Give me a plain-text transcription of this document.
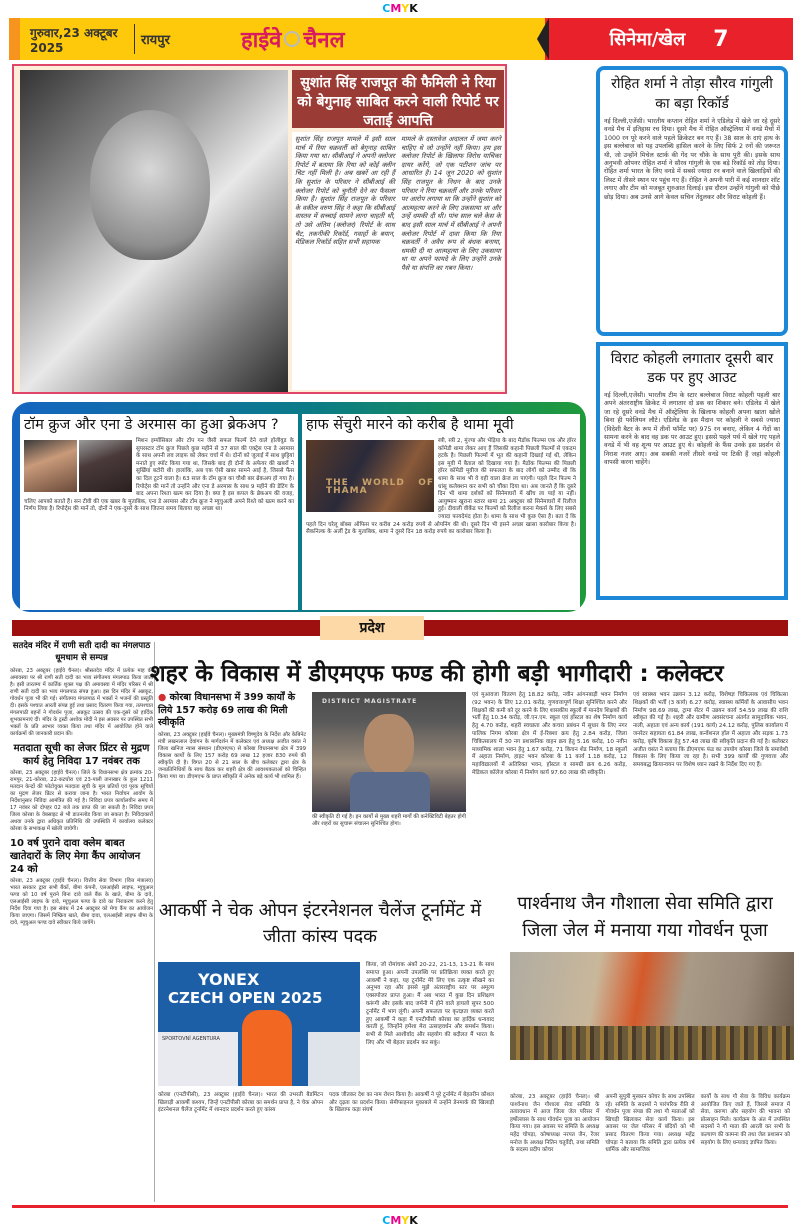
CMYK
गुरुवार,23 अक्टूबर 2025	रायपुर	हाईवे चैनल	सिनेमा/खेल 7
सुशांत सिंह राजपूत की फैमिली ने रिया को बेगुनाह साबित करने वाली रिपोर्ट पर जताई आपत्ति
सुशांत सिंह राजपूत मामले में इसी साल मार्च में रिया चक्रवर्ती को बेगुनाह साबित किया गया था। सीबीआई ने अपनी क्लोजर रिपोर्ट में बताया कि रिया को कोई क्लीन चिट नहीं मिली है। अब खबरें आ रही हैं कि सुशांत के परिवार ने सीबीआई की क्लोजर रिपोर्ट को चुनौती देने का फैसला किया है। सुशांत सिंह राजपूत के परिवार के वकील वरुण सिंह ने कहा कि सीबीआई वास्तव में सच्चाई सामने लाना चाहती थी, तो उसे अंतिम (क्लोजर) रिपोर्ट के साथ चैट, तकनीकी रिकॉर्ड, गवाहों के बयान, मेडिकल रिकॉर्ड सहित सभी सहायक
मामले के दस्तावेज अदालत में जमा करने चाहिए थे जो उन्होंने नहीं किया। हम इस क्लोजर रिपोर्ट के खिलाफ विरोध याचिका दायर करेंगे, जो एक पटीशन जांच पर आधारित है। 14 जून 2020 को सुशांत सिंह राजपूत के निधन के बाद उनके परिवार ने रिया चक्रवर्ती और उनके परिवार पर आरोप लगाया था कि उन्होंने सुशांत को आत्महत्या करने के लिए उकसाया था और उन्हें धमकी दी थी। पांच साल चले केस के बाद इसी साल मार्च में सीबीआई ने अपनी क्लोजर रिपोर्ट में दावा किया कि रिया चक्रवर्ती ने अवैध रूप से बंधक बनाया, धमकी दी या आत्महत्या के लिए उकसाया था या अपने फायदे के लिए उन्होंने उनके पैसे या संपत्ति का गबन किया।
रोहित शर्मा ने तोड़ा सौरव गांगुली का बड़ा रिकॉर्ड
नई दिल्ली,एजेंसी। भारतीय कप्तान रोहित शर्मा ने एडिलेड में खेले जा रहे दूसरे वनडे मैच में इतिहास रच दिया। दूसरे मैच में रोहित ऑस्ट्रेलिया में वनडे मैचों में 1000 रन पूरे करने वाले पहले क्रिकेटर बन गए हैं। 38 साल के दाएं हाथ के इस बल्लेबाज को यह उपलब्धि हासिल करने के लिए सिर्फ 2 रनों की जरूरत थी, जो उन्होंने मिचेल स्टार्क की गेंद पर चौके के साथ पूरी की। इसके साथ अनुभवी ओपनर रोहित शर्मा ने सौरव गांगुली के एक बड़े रिकॉर्ड को तोड़ दिया। रोहित शर्मा भारत के लिए वनडे में सबसे ज्यादा रन बनाने वाले खिलाड़ियों की लिस्ट में तीसरे स्थान पर पहुंच गए हैं। रोहित ने अपनी पारी में कई शानदार शॉट लगाए और टीम को मजबूत शुरुआत दिलाई। इस दौरान उन्होंने गांगुली को पीछे छोड़ दिया। अब उनसे आगे केवल सचिन तेंदुलकर और विराट कोहली हैं।
विराट कोहली लगातार दूसरी बार डक पर हुए आउट
नई दिल्ली,एजेंसी। भारतीय टीम के स्टार बल्लेबाज विराट कोहली पहली बार अपने अंतरराष्ट्रीय क्रिकेट में लगातार दो डक का शिकार बने। एडिलेड में खेले जा रहे दूसरे वनडे मैच में ऑस्ट्रेलिया के खिलाफ कोहली अपना खाता खोले बिना ही पवेलियन लौटे। एडिलेड के इस मैदान पर कोहली ने सबसे ज्यादा (विदेशी बैटर के रूप में तीनों फॉर्मेट पर) 975 रन बनाए, लेकिन 4 गेंदों का सामना करने के बाद वह डक पर आउट हुए। इससे पहले पर्थ में खेले गए पहले वनडे में भी वह शून्य पर आउट हुए थे। कोहली के फैंस उनके इस प्रदर्शन से निराश नजर आए। अब सबकी नजरें तीसरे वनडे पर टिकी हैं जहां कोहली वापसी करना चाहेंगे।
टॉम क्रुज और एना डे अरमास का हुआ ब्रेकअप ?
मिशन इम्पॉसिबल और टॉप गन जैसी सफल फिल्में देने वाले हॉलीवुड के सुपरस्टार टॉम क्रूज पिछले कुछ महीने से 37 साल की एक्ट्रेस एना डे अरमास के साथ अपनी लव लाइफ को लेकर चर्चा में थे। दोनों को जुलाई में साथ छुट्टियां मनाते हुए स्पॉट किया गया था, जिसके बाद ही दोनों के अफेयर की खबरों ने सुर्खियां बटोरी थी। हालांकि, अब एक ऐसी खबर सामने आई है, जिससे फैंस का दिल टूटने वाला है। 63 साल के टॉम क्रूज का चौथी बार ब्रेकअप हो गया है। रिपोर्ट्स की मानें तो उन्होंने और एना डे अरमास के साथ 9 महीने की डेटिंग के बाद अपना रिश्ता खत्म कर दिया है। क्या है इस कपल के ब्रेकअप की वजह, चलिए आपको बताते हैं। सन टीवी की एक खबर के मुताबिक, एना डे अरमास और टॉम क्रूज ने म्यूचुअली अपने रिश्ते को खत्म करने का निर्णय लिया है। रिपोर्ट्स की मानें तो, दोनों ने एक-दूसरे के साथ जितना समय बिताया वह अच्छा था।
हाफ सेंचुरी मारने को करीब है थामा मूवी
THE WORLD OF THAMA
स्त्री, स्त्री 2, मुंज्या और भेड़िया के बाद मैडॉक फिल्म्स एक और हॉरर कॉमेडी थामा लेकर आए हैं जिसकी कहानी पिछली फिल्मों से एकदम हटके है। पिछली फिल्मों में भूत की कहानी दिखाई गई थी, लेकिन इस मूवी में बैताल को दिखाया गया है। मैडॉक फिल्म्स की पिछली हॉरर कॉमेडी मूवीज की सफलता के बाद लोगों को उम्मीद थी कि थामा के साथ भी वे वही वाला क्रेज ला पाएंगी। पहले दिन फिल्म ने धांसू कलेक्शन कर सभी को चौंका दिया था। अब जानते हैं कि दूसरे दिन भी थामा दर्शकों को सिनेमाघरों में खींच ला पाई या नहीं। आयुष्मान खुराना स्टारर थामा 21 अक्टूबर को सिनेमाघरों में रिलीज हुई। दीवाली वीकेंड पर फिल्मों को रिलीज करना मेकर्स के लिए सबसे ज्यादा फायदेमंद होता है। थामा के साथ भी कुछ ऐसा है। बता दें कि पहले दिन घरेलू बॉक्स ऑफिस पर करीब 24 करोड़ रुपये से ओपनिंग की थी। दूसरे दिन भी इसने अच्छा खासा कारोबार किया है। सैकनिल्क के अर्ली ट्रेड के मुताबिक, थामा ने दूसरे दिन 18 करोड़ रुपये का कारोबार किया है।
प्रदेश
सतदेव मंदिर में राणी सती दादी का मंगलपाठ धूमधाम से सम्पन्न
कोरबा, 23 अक्टूबर (हाईवे चैनल)। श्रीसतदेव मंदिर में प्रत्येक माह की अमावस्या पर श्री राणी सती दादी का भव्य संगीतमय मंगलपाठ किया जाता है। इसी तारतम्य में कार्तिक शुक्ल पक्ष की अमावस्या में मंदिर परिसर में श्री राणी सती दादी का भव्य मंगलपाठ संपन्न हुआ। इस दिन मंदिर में अन्नकूट, गोवर्धन पूजा भी की गई। संगीतमय मंगलपाठ में भक्तों ने भजनों की प्रस्तुति दी। इसके पश्चात आरती संपन्न हुई तथा प्रसाद वितरण किया गया, तत्पश्चात मंगलपाठी बहनों ने गोवर्धन पूजा, अन्नकूट उत्सव की एक-दूसरे को हार्दिक शुभकामनाएं दीं। मंदिर के ट्रस्टी अशोक मोदी ने इस अवसर पर उपस्थित सभी भक्तों के प्रति आभार व्यक्त किया तथा मंदिर में आयोजित होने वाले कार्यक्रमों की जानकारी प्रदान की।
मतदाता सूची का लेजर प्रिंटर से मुद्रण कार्य हेतु निविदा 17 नवंबर तक
कोरबा, 23 अक्टूबर (हाईवे चैनल)। जिले के विधानसभा क्षेत्र क्रमांक 20-रामपुर, 21-कोरबा, 22-कटघोरा एवं 23-पाली तानाखार के कुल 1211 मतदान केन्द्रों की फोटोयुक्त मतदाता सूची के मूल प्रतियों एवं पूरक सूचियों का मुद्रण लेजर प्रिंटर से कराया जाना है। भारत निर्वाचन आयोग के निर्देशानुसार निविदा आमंत्रित की गई है। निविदा प्रपत्र कार्यालयीन समय में 17 नवंबर को दोपहर 02 बजे तक प्राप्त की जा सकती है। निविदा प्रपत्र जिला कोरबा के वेबसाइट से भी डाउनलोड किया जा सकता है। निविदाकारों अथवा उनके द्वारा अधिकृत प्रतिनिधि की उपस्थिति में कार्यालय कलेक्टर कोरबा के सभाकक्ष में खोली जायेगी।
10 वर्ष पुराने दावा क्लेम बाबत खातेदारों के लिए मेगा कैंप आयोजन 24 को
कोरबा, 23 अक्टूबर (हाईवे चैनल)। वित्तीय सेवा विभाग (वित्त मंत्रालय) भारत सरकार द्वारा सभी बैंकों, बीमा कंपनी, एलआईसी लाइफ, म्यूचुअल फण्ड को 10 वर्ष पुराने बिना दावे वाले बैंक के खाते, बीमा के दावे, एलआईसी लाइफ के दावे, म्यूचुअल फण्ड के दावे का निराकरण करने हेतु निर्देश दिया गया है। इस संबंध में 24 अक्टूबर को मेगा कैंप का आयोजन किया जाएगा। जिसमें निष्क्रिय खाते, बीमा दावा, एलआईसी लाइफ बीमा के दावे, म्यूचुअल फण्ड दावे स्वीकार किये जायेंगे।
शहर के विकास में डीएमएफ फण्ड की होगी बड़ी भागीदारी : कलेक्टर
● कोरबा विधानसभा में 399 कार्यों के लिये 157 करोड़ 69 लाख की मिली स्वीकृति
कोरबा, 23 अक्टूबर (हाईवे चैनल)। मुख्यमंत्री विष्णुदेव के निर्देश और केबिनेट मंत्री लखनलाल देवांगन के मार्गदर्शन में कलेक्टर एवं अध्यक्ष अजीत वसंत ने जिला खनिज न्यास संस्थान (डीएमएफ) से कोरबा विधानसभा क्षेत्र में 399 विकास कार्यों के लिए 157 करोड़ 69 लाख 12 हजार 830 रुपये की स्वीकृति दी है। विगत 20 से 21 साल के बीच कलेक्टर द्वारा क्षेत्र के जनप्रतिनिधियों के साथ बैठक कर शहरी क्षेत्र की आवश्यकताओं को चिन्हित किया गया था। डीएमएफ के प्राप्त स्वीकृति में अनेक बड़े कार्य भी शामिल हैं।
DISTRICT MAGISTRATE
की स्वीकृति दी गई है। इन कार्यों से मुख्य शहरी मार्गों की कनेक्टिविटी बेहतर होगी और शहरों का सुचारू संचालन सुनिश्चित होगा।
एवं मुआवजा वितरण हेतु 18.82 करोड़, नवीन आंगनबाड़ी भवन निर्माण (92 भवन) के लिए 12.01 करोड़, गुणवत्तापूर्ण शिक्षा सुनिश्चित करने और शिक्षकों की कमी को दूर करने के लिए शासकीय स्कूलों में मानदेय शिक्षकों की भर्ती हेतु 10.34 करोड़, जी.एन.एम. स्कूल एवं हॉस्टल का शेष निर्माण कार्य हेतु 4.70 करोड़, शहरी स्वच्छता और कचरा प्रबंधन में सुधार के लिए नगर पालिक निगम कोरबा क्षेत्र में ई-रिक्शा क्रय हेतु 2.84 करोड़, जिला चिकित्सालय में 30 नग प्रशासनिक वाहन क्रय हेतु 5.16 करोड़, 10 नवीन माध्यमिक शाला भवन हेतु 1.67 करोड़, 71 किचन शेड निर्माण, 18 स्कूलों में अहाता निर्माण, हाइट भवन कोरबा के 11 कार्य 1.18 करोड़, 12 महाविद्यालयों में अतिरिक्त भवन, हॉस्टल व सामग्री क्रय 6.26 करोड़, मेडिकल कॉलेज कोरबा में निर्माण कार्य 97.60 लाख की स्वीकृति।
एवं स्वास्थ्य भवन उन्नयन 3.12 करोड़, विशेषज्ञ चिकित्सक एवं चिकित्सा शिक्षकों की भर्ती (3 कार्य) 6.27 करोड़, स्वास्थ्य कर्मियों के आवासीय भवन निर्माण 98.69 लाख, ट्रामा सेंटर में उन्नयन कार्य 54.59 लाख की राशि स्वीकृत की गई है। शहरी और ग्रामीण अवसंरचना अंतर्गत सामुदायिक भवन, नाली, अहाता एवं अन्य कार्य (191 कार्य) 24.12 करोड़, पुलिस कार्यालय में जनरेटर सहायता 61.84 लाख, कन्वेंशनल हॉल में अहाता और सड़क 1.73 करोड़, कृषि विकास हेतु 57.48 लाख की स्वीकृति प्रदान की गई है। कलेक्टर अजीत वसंत ने बताया कि डीएमएफ फंड का उपयोग कोरबा जिले के समावेशी विकास के लिए किया जा रहा है। सभी 399 कार्यों की गुणवत्ता और समयबद्ध क्रियान्वयन पर विशेष ध्यान रखने के निर्देश दिए गए हैं।
आकर्षी ने चेक ओपन इंटरनेशनल चैलेंज टूर्नामेंट में जीता कांस्य पदक
YONEX
CZECH OPEN 2025
SPORTOVNÍ AGENTURA
किया, जो रोमांचक अंकों 20-22, 21-13, 13-21 के साथ समाप्त हुआ। अपनी उपलब्धि पर प्रतिक्रिया व्यक्त करते हुए आकर्षी ने कहा, यह टूर्नामेंट मेरे लिए एक उत्कृष्ट सीखने का अनुभव रहा और इससे मुझे अंतरराष्ट्रीय स्तर पर अमूल्य एक्सपोजर प्राप्त हुआ। मैं अब भारत में कुछ दिन प्रशिक्षण करूंगी और इसके बाद जर्मनी में होने वाले हायलो सुपर 500 टूर्नामेंट में भाग लूंगी। अपनी सफलता पर कृतज्ञता व्यक्त करते हुए आकर्षी ने कहा मैं एनटीपीसी कोरबा का हार्दिक धन्यवाद करती हूं, जिन्होंने हमेशा मेरा उत्साहवर्धन और समर्थन किया। सभी से मिले आशीर्वाद और सहयोग की बदौलत मैं भारत के लिए और भी बेहतर प्रदर्शन कर सकूं।
कोरबा (एनटीपीसी), 23 अक्टूबर (हाईवे चैनल)। भारत की उभरती बैडमिंटन खिलाड़ी आकर्षी कश्यप, जिन्हें एनटीपीसी कोरबा का समर्थन प्राप्त है, ने चेक ओपन इंटरनेशनल चैलेंज टूर्नामेंट में शानदार प्रदर्शन करते हुए कांस्य
पदक जीतकर देश का नाम रोशन किया है। आकर्षी ने पूरे टूर्नामेंट में बेहतरीन कौशल और दृढ़ता का प्रदर्शन किया। सेमीफाइनल मुकाबले में उन्होंने डेनमार्क की खिलाड़ी के खिलाफ कड़ा संघर्ष
पार्श्वनाथ जैन गौशाला सेवा समिति द्वारा जिला जेल में मनाया गया गोवर्धन पूजा
कोरबा, 23 अक्टूबर (हाईवे चैनल)। श्री पार्श्वनाथ जैन गौशाला सेवा समिति के तत्वावधान में आज जिला जेल परिसर में हर्षोल्लास के साथ गोवर्धन पूजा का आयोजन किया गया। इस अवसर पर समिति के अध्यक्ष महेंद्र चोपड़ा, कोषाध्यक्ष नरपत जैन, रेंजर मनोज के अध्यक्ष नितिन चतुर्वेदी, तथा समिति के सदस्य प्रदीप कोचर
अपनी सुपुत्री मुस्कान कोचर के साथ उपस्थित रहे। समिति के सदस्यों ने पारंपरिक रीति से गोवर्धन पूजा संपन्न की तथा गौ माताओं को खिचड़ी खिलाकर सेवा कार्य किया। इस अवसर पर जेल परिसर में बंदियों को भी प्रसाद वितरण किया गया। अध्यक्ष महेंद्र चोपड़ा ने बताया कि समिति द्वारा प्रत्येक वर्ष धार्मिक और सामाजिक
कार्यों के साथ गौ सेवा के विविध कार्यक्रम आयोजित किए जाते हैं, जिससे समाज में सेवा, करुणा और सहयोग की भावना को प्रोत्साहन मिले। कार्यक्रम के अंत में उपस्थित सदस्यों ने गौ माता की आरती कर सभी के कल्याण की कामना की तथा जेल प्रशासन को सहयोग के लिए धन्यवाद ज्ञापित किया।
CMYK
